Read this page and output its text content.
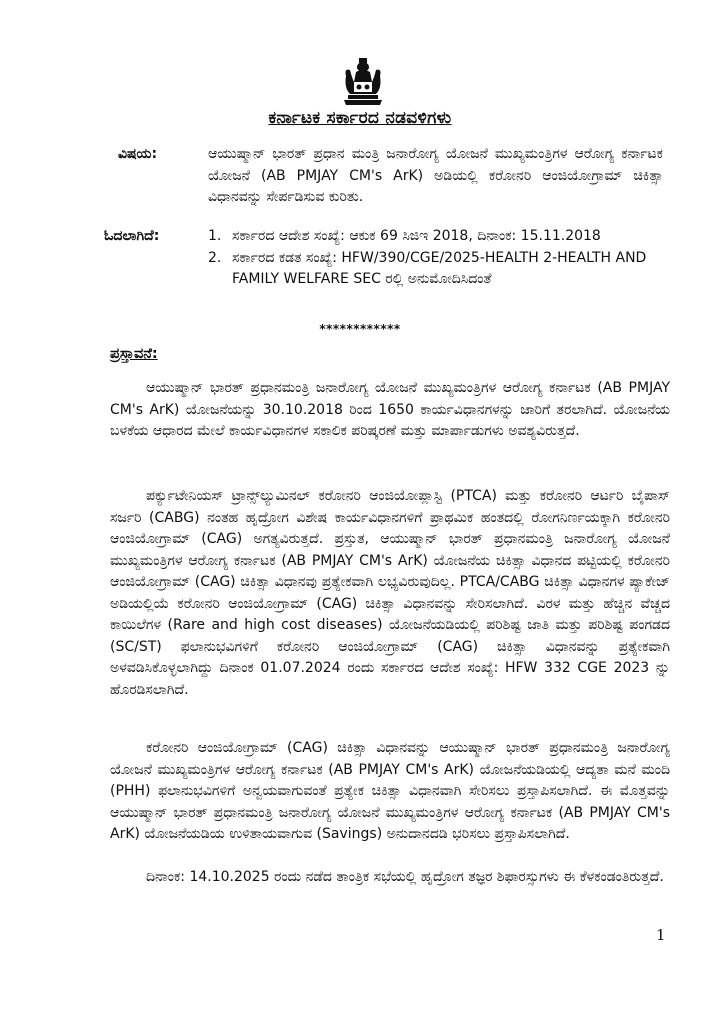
ಕರ್ನಾಟಕ ಸರ್ಕಾರದ ನಡವಳಿಗಳು
ವಿಷಯ:	ಆಯುಷ್ಮಾನ್ ಭಾರತ್ ಪ್ರಧಾನ ಮಂತ್ರಿ ಜನಾರೋಗ್ಯ ಯೋಜನೆ ಮುಖ್ಯಮಂತ್ರಿಗಳ ಆರೋಗ್ಯ ಕರ್ನಾಟಕ ಯೋಜನೆ (AB PMJAY CM's ArK) ಅಡಿಯಲ್ಲಿ ಕರೋನರಿ ಆಂಜಿಯೋಗ್ರಾಮ್ ಚಿಕಿತ್ಸಾ ವಿಧಾನವನ್ನು ಸೇರ್ಪಡಿಸುವ ಕುರಿತು.
ಓದಲಾಗಿದೆ:	1. ಸರ್ಕಾರದ ಆದೇಶ ಸಂಖ್ಯೆ: ಆಕುಕ 69 ಸಿಜಿಇ 2018, ದಿನಾಂಕ: 15.11.2018
2. ಸರ್ಕಾರದ ಕಡತ ಸಂಖ್ಯೆ: HFW/390/CGE/2025-HEALTH 2-HEALTH AND FAMILY WELFARE SEC ರಲ್ಲಿ ಅನುಮೋದಿಸಿದಂತೆ
************
ಪ್ರಸ್ತಾವನೆ:

ಆಯುಷ್ಮಾನ್ ಭಾರತ್ ಪ್ರಧಾನಮಂತ್ರಿ ಜನಾರೋಗ್ಯ ಯೋಜನೆ ಮುಖ್ಯಮಂತ್ರಿಗಳ ಆರೋಗ್ಯ ಕರ್ನಾಟಕ (AB PMJAY CM's ArK) ಯೋಜನೆಯನ್ನು 30.10.2018 ರಿಂದ 1650 ಕಾರ್ಯವಿಧಾನಗಳನ್ನು ಜಾರಿಗೆ ತರಲಾಗಿದೆ. ಯೋಜನೆಯ ಬಳಕೆಯ ಆಧಾರದ ಮೇಲೆ ಕಾರ್ಯವಿಧಾನಗಳ ಸಕಾಲಿಕ ಪರಿಷ್ಕರಣೆ ಮತ್ತು ಮಾರ್ಪಾಡುಗಳು ಅವಶ್ಯವಿರುತ್ತದೆ.

ಪರ್ಕ್ಯುಟೇನಿಯಸ್ ಟ್ರಾನ್ಸ್‌ಲ್ಯುಮಿನಲ್ ಕರೋನರಿ ಆಂಜಿಯೋಪ್ಲಾಸ್ಟಿ (PTCA) ಮತ್ತು ಕರೋನರಿ ಆರ್ಟರಿ ಬೈಪಾಸ್ ಸರ್ಜರಿ (CABG) ನಂತಹ ಹೃದ್ರೋಗ ವಿಶೇಷ ಕಾರ್ಯವಿಧಾನಗಳಿಗೆ ಪ್ರಾಥಮಿಕ ಹಂತದಲ್ಲಿ ರೋಗನಿರ್ಣಯಕ್ಕಾಗಿ ಕರೋನರಿ ಆಂಜಿಯೋಗ್ರಾಮ್ (CAG) ಅಗತ್ಯವಿರುತ್ತದೆ. ಪ್ರಸ್ತುತ, ಆಯುಷ್ಮಾನ್ ಭಾರತ್ ಪ್ರಧಾನಮಂತ್ರಿ ಜನಾರೋಗ್ಯ ಯೋಜನೆ ಮುಖ್ಯಮಂತ್ರಿಗಳ ಆರೋಗ್ಯ ಕರ್ನಾಟಕ (AB PMJAY CM's ArK) ಯೋಜನೆಯ ಚಿಕಿತ್ಸಾ ವಿಧಾನದ ಪಟ್ಟಿಯಲ್ಲಿ ಕರೋನರಿ ಆಂಜಿಯೋಗ್ರಾಮ್ (CAG) ಚಿಕಿತ್ಸಾ ವಿಧಾನವು ಪ್ರತ್ಯೇಕವಾಗಿ ಲಭ್ಯವಿರುವುದಿಲ್ಲ. PTCA/CABG ಚಿಕಿತ್ಸಾ ವಿಧಾನಗಳ ಪ್ಯಾಕೇಜ್ ಅಡಿಯಲ್ಲಿಯೆ ಕರೋನರಿ ಆಂಜಿಯೋಗ್ರಾಮ್ (CAG) ಚಿಕಿತ್ಸಾ ವಿಧಾನವನ್ನು ಸೇರಿಸಲಾಗಿದೆ. ವಿರಳ ಮತ್ತು ಹೆಚ್ಚಿನ ವೆಚ್ಚದ ಕಾಯಿಲೆಗಳ (Rare and high cost diseases) ಯೋಜನೆಯಡಿಯಲ್ಲಿ ಪರಿಶಿಷ್ಟ ಜಾತಿ ಮತ್ತು ಪರಿಶಿಷ್ಟ ಪಂಗಡದ (SC/ST) ಫಲಾನುಭವಿಗಳಿಗೆ ಕರೋನರಿ ಆಂಜಿಯೋಗ್ರಾಮ್ (CAG) ಚಿಕಿತ್ಸಾ ವಿಧಾನವನ್ನು ಪ್ರತ್ಯೇಕವಾಗಿ ಅಳವಡಿಸಿಕೊಳ್ಳಲಾಗಿದ್ದು ದಿನಾಂಕ 01.07.2024 ರಂದು ಸರ್ಕಾರದ ಆದೇಶ ಸಂಖ್ಯೆ: HFW 332 CGE 2023 ನ್ನು ಹೊರಡಿಸಲಾಗಿದೆ.

ಕರೋನರಿ ಆಂಜಿಯೋಗ್ರಾಮ್ (CAG) ಚಿಕಿತ್ಸಾ ವಿಧಾನವನ್ನು ಆಯುಷ್ಮಾನ್ ಭಾರತ್ ಪ್ರಧಾನಮಂತ್ರಿ ಜನಾರೋಗ್ಯ ಯೋಜನೆ ಮುಖ್ಯಮಂತ್ರಿಗಳ ಆರೋಗ್ಯ ಕರ್ನಾಟಕ (AB PMJAY CM's ArK) ಯೋಜನೆಯಡಿಯಲ್ಲಿ ಆದ್ಯತಾ ಮನೆ ಮಂದಿ (PHH) ಫಲಾನುಭವಿಗಳಿಗೆ ಅನ್ವಯವಾಗುವಂತೆ ಪ್ರತ್ಯೇಕ ಚಿಕಿತ್ಸಾ ವಿಧಾನವಾಗಿ ಸೇರಿಸಲು ಪ್ರಸ್ತಾಪಿಸಲಾಗಿದೆ. ಈ ಮೊತ್ತವನ್ನು ಆಯುಷ್ಮಾನ್ ಭಾರತ್ ಪ್ರಧಾನಮಂತ್ರಿ ಜನಾರೋಗ್ಯ ಯೋಜನೆ ಮುಖ್ಯಮಂತ್ರಿಗಳ ಆರೋಗ್ಯ ಕರ್ನಾಟಕ (AB PMJAY CM's ArK) ಯೋಜನೆಯಡಿಯ ಉಳಿತಾಯವಾಗುವ (Savings) ಅನುದಾನದಡಿ ಭರಿಸಲು ಪ್ರಸ್ತಾಪಿಸಲಾಗಿದೆ.

ದಿನಾಂಕ: 14.10.2025 ರಂದು ನಡೆದ ತಾಂತ್ರಿಕ ಸಭೆಯಲ್ಲಿ ಹೃದ್ರೋಗ ತಜ್ಞರ ಶಿಫಾರಸ್ಸುಗಳು ಈ ಕೆಳಕಂಡಂತಿರುತ್ತದೆ.

1
